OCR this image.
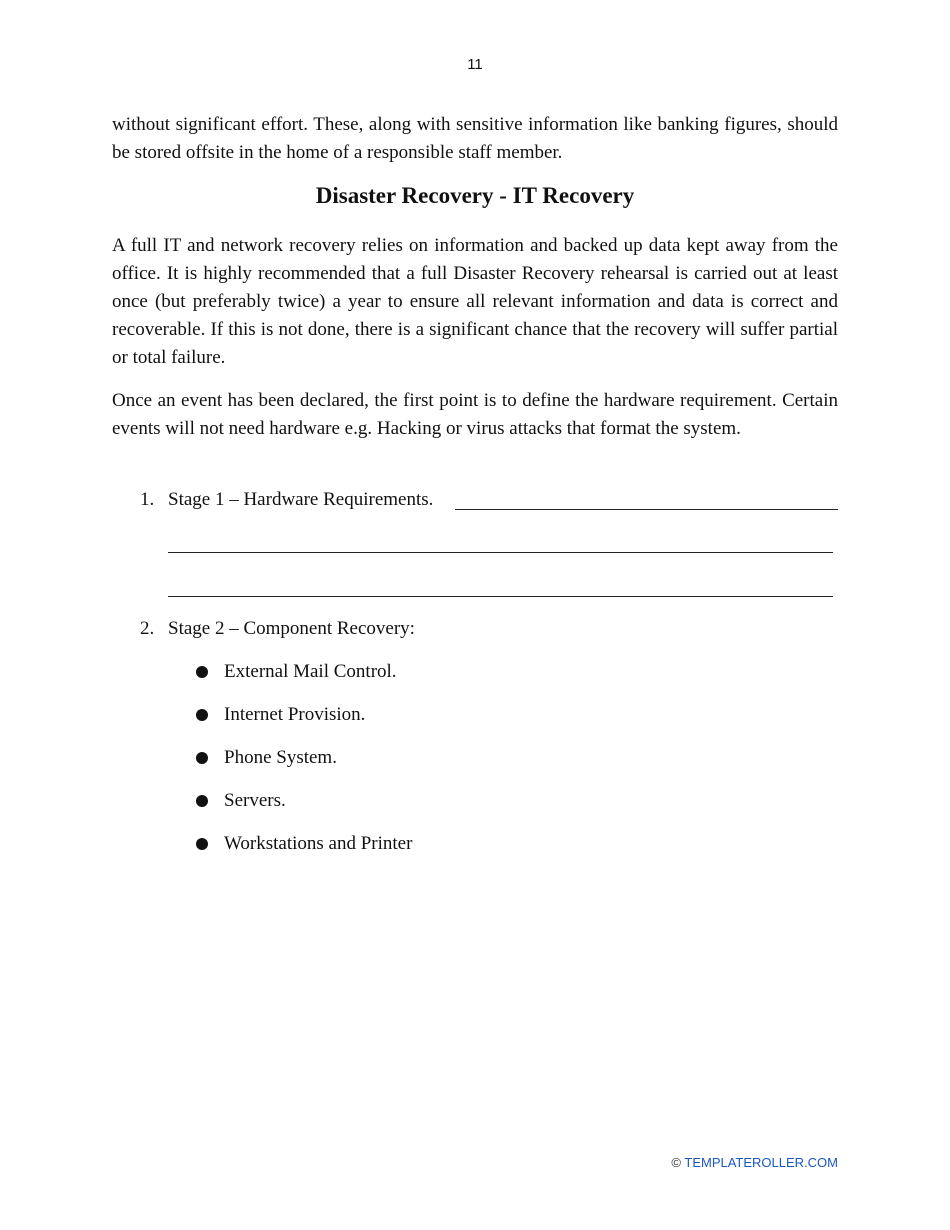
11

without significant effort. These, along with sensitive information like banking figures, should be stored offsite in the home of a responsible staff member.

Disaster Recovery - IT Recovery

A full IT and network recovery relies on information and backed up data kept away from the office. It is highly recommended that a full Disaster Recovery rehearsal is carried out at least once (but preferably twice) a year to ensure all relevant information and data is correct and recoverable. If this is not done, there is a significant chance that the recovery will suffer partial or total failure.

Once an event has been declared, the first point is to define the hardware requirement. Certain events will not need hardware e.g. Hacking or virus attacks that format the system.

1. Stage 1 – Hardware Requirements.
2. Stage 2 – Component Recovery:
External Mail Control.
Internet Provision.
Phone System.
Servers.
Workstations and Printer
© TEMPLATEROLLER.COM
